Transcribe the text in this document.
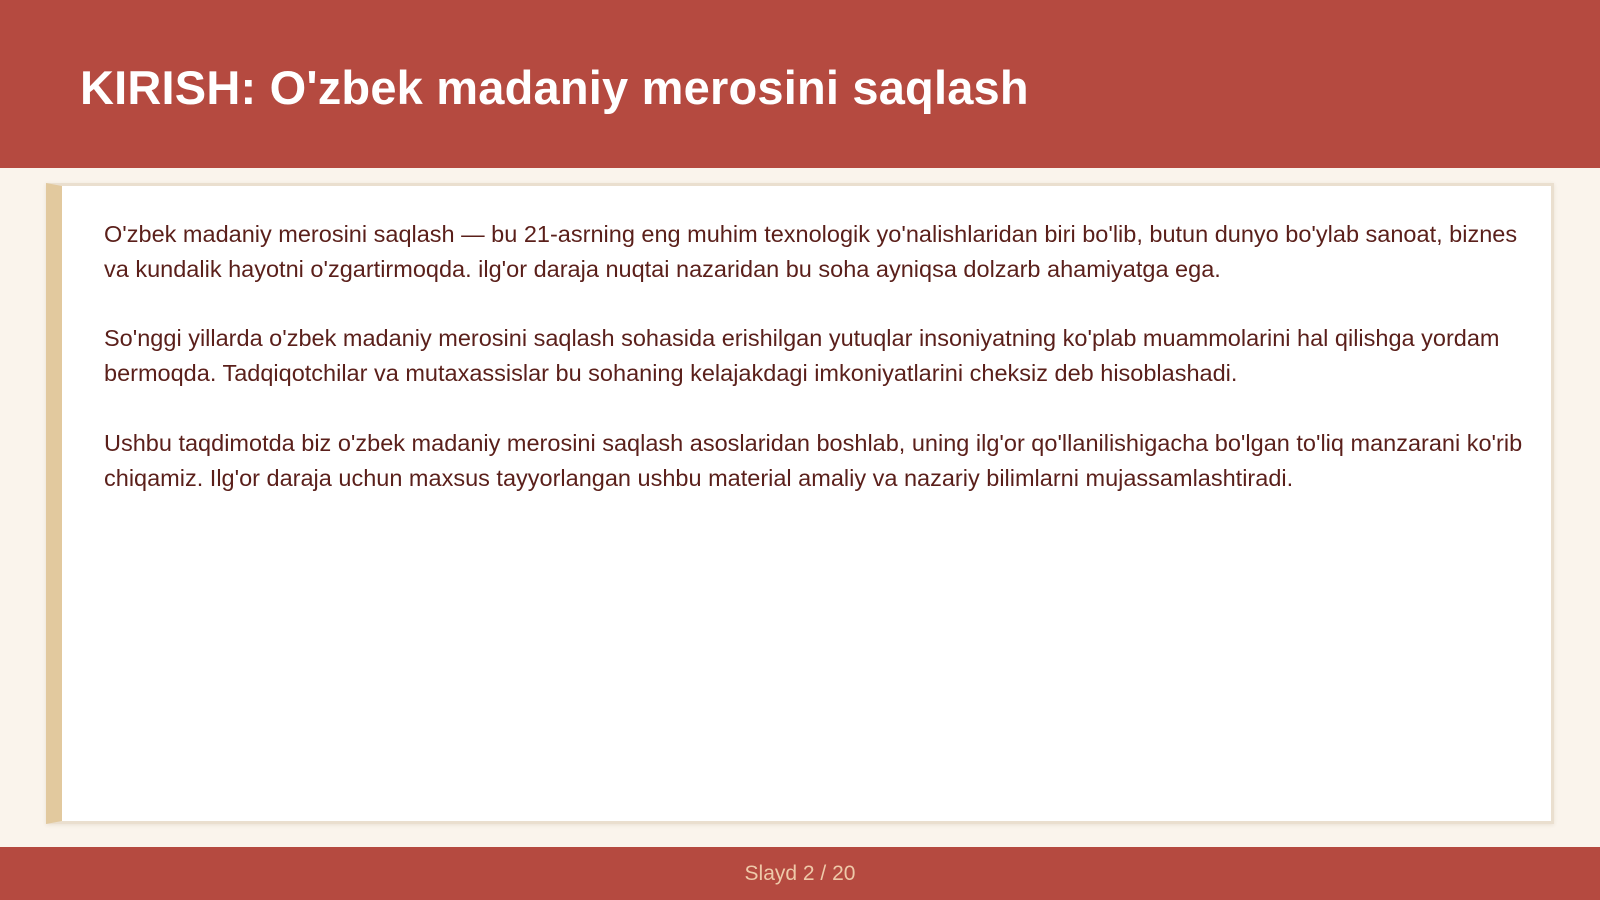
KIRISH: O'zbek madaniy merosini saqlash

O'zbek madaniy merosini saqlash — bu 21-asrning eng muhim texnologik yo'nalishlaridan biri bo'lib, butun dunyo bo'ylab sanoat, biznes va kundalik hayotni o'zgartirmoqda. ilg'or daraja nuqtai nazaridan bu soha ayniqsa dolzarb ahamiyatga ega.

So'nggi yillarda o'zbek madaniy merosini saqlash sohasida erishilgan yutuqlar insoniyatning ko'plab muammolarini hal qilishga yordam bermoqda. Tadqiqotchilar va mutaxassislar bu sohaning kelajakdagi imkoniyatlarini cheksiz deb hisoblashadi.

Ushbu taqdimotda biz o'zbek madaniy merosini saqlash asoslaridan boshlab, uning ilg'or qo'llanilishigacha bo'lgan to'liq manzarani ko'rib chiqamiz. Ilg'or daraja uchun maxsus tayyorlangan ushbu material amaliy va nazariy bilimlarni mujassamlashtiradi.

Slayd 2 / 20
